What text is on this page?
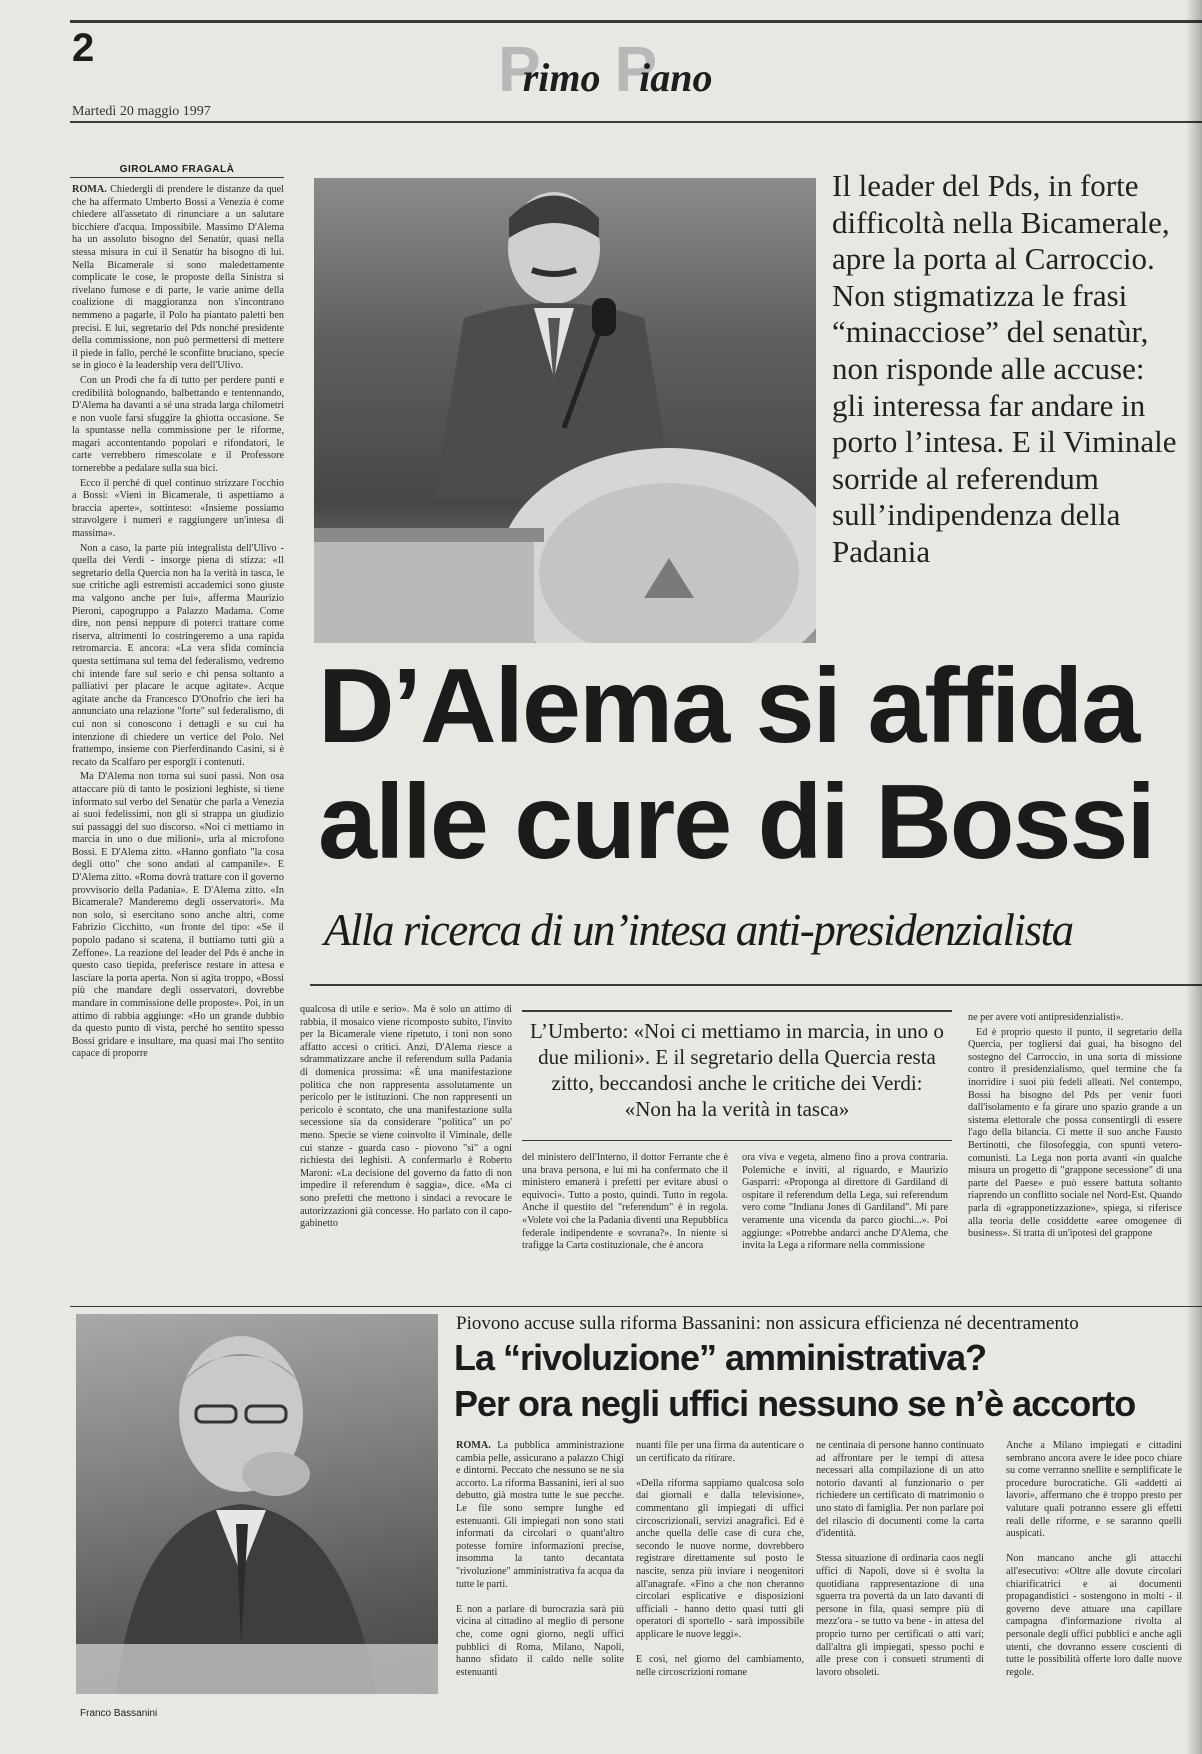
2	Primo Piano
Martedì 20 maggio 1997
GIROLAMO FRAGALÀ

ROMA. Chiedergli di prendere le distanze da quel che ha affermato Umberto Bossi a Venezia è come chiedere all'assetato di rinunciare a un salutare bicchiere d'acqua. Impossibile. Massimo D'Alema ha un assoluto bisogno del Senatùr, quasi nella stessa misura in cui il Senatùr ha bisogno di lui. Nella Bicamerale si sono maledettamente complicate le cose, le proposte della Sinistra si rivelano fumose e di parte, le varie anime della coalizione di maggioranza non s'incontrano nemmeno a pagarle, il Polo ha piantato paletti ben precisi. E lui, segretario del Pds nonché presidente della commissione, non può permettersi di mettere il piede in fallo, perché le sconfitte bruciano, specie se in gioco è la leadership vera dell'Ulivo.

Con un Prodi che fa di tutto per perdere punti e credibilità bolognando, balbettando e tentennando, D'Alema ha davanti a sé una strada larga chilometri e non vuole farsi sfuggire la ghiotta occasione. Se la spuntasse nella commissione per le riforme, magari accontentando popolari e rifondatori, le carte verrebbero rimescolate e il Professore tornerebbe a pedalare sulla sua bici.

Ecco il perché di quel continuo strizzare l'occhio a Bossi: «Vieni in Bicamerale, ti aspettiamo a braccia aperte», sottinteso: «Insieme possiamo stravolgere i numeri e raggiungere un'intesa di massima».

Non a caso, la parte più integralista dell'Ulivo - quella dei Verdi - insorge piena di stizza: «Il segretario della Quercia non ha la verità in tasca, le sue critiche agli estremisti accademici sono giuste ma valgono anche per lui», afferma Maurizio Pieroni, capogruppo a Palazzo Madama. Come dire, non pensi neppure di poterci trattare come riserva, altrimenti lo costringeremo a una rapida retromarcia. E ancora: «La vera sfida comincia questa settimana sul tema del federalismo, vedremo chi intende fare sul serio e chi pensa soltanto a palliativi per placare le acque agitate». Acque agitate anche da Francesco D'Onofrio che ieri ha annunciato una relazione "forte" sul federalismo, di cui non si conoscono i dettagli e su cui ha intenzione di chiedere un vertice del Polo. Nel frattempo, insieme con Pierferdinando Casini, si è recato da Scalfaro per esporgli i contenuti.

Ma D'Alema non torna sui suoi passi. Non osa attaccare più di tanto le posizioni leghiste, si tiene informato sul verbo del Senatùr che parla a Venezia ai suoi fedelissimi, non gli si strappa un giudizio sui passaggi del suo discorso. «Noi ci mettiamo in marcia in uno o due milioni», urla al microfono Bossi. E D'Alema zitto. «Hanno gonfiato "la cosa degli otto" che sono andati al campanile». E D'Alema zitto. «Roma dovrà trattare con il governo provvisorio della Padania». E D'Alema zitto. «In Bicamerale? Manderemo degli osservatori». Ma non solo, si esercitano sono anche altri, come Fabrizio Cicchitto, «un fronte del tipo: «Se il popolo padano si scatena, il buttiamo tutti giù a Zeffone». La reazione del leader del Pds è anche in questo caso tiepida, preferisce restare in attesa e lasciare la porta aperta. Non si agita troppo, «Bossi più che mandare degli osservatori, dovrebbe mandare in commissione delle proposte». Poi, in un attimo di rabbia aggiunge: «Ho un grande dubbio da questo punto di vista, perché ho sentito spesso Bossi gridare e insultare, ma quasi mai l'ho sentito capace di proporre

Il leader del Pds, in forte difficoltà nella Bicamerale, apre la porta al Carroccio. Non stigmatizza le frasi “minacciose” del senatùr, non risponde alle accuse: gli interessa far andare in porto l’intesa. E il Viminale sorride al referendum sull’indipendenza della Padania
D’Alema si affida
alle cure di Bossi
Alla ricerca di un’intesa anti-presidenzialista

qualcosa di utile e serio». Ma è solo un attimo di rabbia, il mosaico viene ricomposto subito, l'invito per la Bicamerale viene ripetuto, i toni non sono affatto accesi o critici. Anzi, D'Alema riesce a sdrammatizzare anche il referendum sulla Padania di domenica prossima: «È una manifestazione politica che non rappresenta assolutamente un pericolo per le istituzioni. Che non rappresenti un pericolo è scontato, che una manifestazione sulla secessione sia da considerare "politica" un po' meno. Specie se viene coinvolto il Viminale, delle cui stanze - guarda caso - piovono "sì" a ogni richiesta dei leghisti. A confermarlo è Roberto Maroni: «La decisione del governo da fatto di non impedire il referendum è saggia», dice. «Ma ci sono prefetti che mettono i sindaci a revocare le autorizzazioni già concesse. Ho parlato con il capo-gabinetto

L’Umberto: «Noi ci mettiamo in marcia, in uno o due milioni». E il segretario della Quercia resta zitto, beccandosi anche le critiche dei Verdi: «Non ha la verità in tasca»

del ministero dell'Interno, il dottor Ferrante che è una brava persona, e lui mi ha confermato che il ministero emanerà i prefetti per evitare abusi o equivoci». Tutto a posto, quindi. Tutto in regola. Anche il questito del "referendum" è in regola. «Volete voi che la Padania diventi una Repubblica federale indipendente e sovrana?». In niente si trafigge la Carta costituzionale, che è ancora

ora viva e vegeta, almeno fino a prova contraria. Polemiche e inviti, al riguardo, e Maurizio Gasparri: «Proponga al direttore di Gardiland di ospitare il referendum della Lega, sui referendum vero come "Indiana Jones di Gardiland". Mi pare veramente una vicenda da parco giochi...». Poi aggiunge: «Potrebbe andarci anche D'Alema, che invita la Lega a riformare nella commissione

ne per avere voti antipresidenzialisti».

Ed è proprio questo il punto, il segretario della Quercia, per togliersi dai guai, ha bisogno del sostegno del Carroccio, in una sorta di missione contro il presidenzialismo, quel termine che fa inorridire i suoi più fedeli alleati. Nel contempo, Bossi ha bisogno del Pds per venir fuori dall'isolamento e fa girare uno spazio grande a un sistema elettorale che possa consentirgli di essere l'ago della bilancia. Ci mette il suo anche Fausto Bertinotti, che filosofeggia, con spunti vetero-comunisti. La Lega non porta avanti «in qualche misura un progetto di "grappone secessione" di una parte del Paese» e può essere battuta soltanto riaprendo un conflitto sociale nel Nord-Est. Quando parla di «grapponetizzazione», spiega, si riferisce alla teoria delle cosiddette «aree omogenee di business». Si tratta di un'ipotesi del grappone

Franco Bassanini
Piovono accuse sulla riforma Bassanini: non assicura efficienza né decentramento
La “rivoluzione” amministrativa?
Per ora negli uffici nessuno se n’è accorto
ROMA. La pubblica amministrazione cambia pelle, assicurano a palazzo Chigi e dintorni. Peccato che nessuno se ne sia accorto. La riforma Bassanini, ieri al suo debutto, già mostra tutte le sue pecche. Le file sono sempre lunghe ed estenuanti. Gli impiegati non sono stati informati da circolari o quant'altro potesse fornire informazioni precise, insomma la tanto decantata "rivoluzione" amministrativa fa acqua da tutte le parti.

E non a parlare di burocrazia sarà più vicina al cittadino al meglio di persone che, come ogni giorno, negli uffici pubblici di Roma, Milano, Napoli, hanno sfidato il caldo nelle solite estenuanti
nuanti file per una firma da autenticare o un certificato da ritirare.

«Della riforma sappiamo qualcosa solo dai giornali e dalla televisione», commentano gli impiegati di uffici circoscrizionali, servizi anagrafici. Ed è anche quella delle case di cura che, secondo le nuove norme, dovrebbero registrare direttamente sul posto le nascite, senza più inviare i neogenitori all'anagrafe. «Fino a che non cheranno circolari esplicative e disposizioni ufficiali - hanno detto quasi tutti gli operatori di sportello - sarà impossibile applicare le nuove leggi».

E così, nel giorno del cambiamento, nelle circoscrizioni romane
ne centinaia di persone hanno continuato ad affrontare per le tempi di attesa necessari alla compilazione di un atto notorio davanti al funzionario o per richiedere un certificato di matrimonio o uno stato di famiglia. Per non parlare poi del rilascio di documenti come la carta d'identità.

Stessa situazione di ordinaria caos negli uffici di Napoli, dove si è svolta la quotidiana rappresentazione di una sguerra tra povertà da un lato davanti di persone in fila, quasi sempre più di mezz'ora - se tutto va bene - in attesa del proprio turno per certificati o atti vari; dall'altra gli impiegati, spesso pochi e alle prese con i consueti strumenti di lavoro obsoleti.
Anche a Milano impiegati e cittadini sembrano ancora avere le idee poco chiare su come verranno snellite e semplificate le procedure burocratiche. Gli «addetti ai lavori», affermano che è troppo presto per valutare quali potranno essere gli effetti reali delle riforme, e se saranno quelli auspicati.

Non mancano anche gli attacchi all'esecutivo: «Oltre alle dovute circolari chiarificatrici e ai documenti propagandistici - sostengono in molti - il governo deve attuare una capillare campagna d'informazione rivolta al personale degli uffici pubblici e anche agli utenti, che dovranno essere coscienti di tutte le possibilità offerte loro dalle nuove regole.
